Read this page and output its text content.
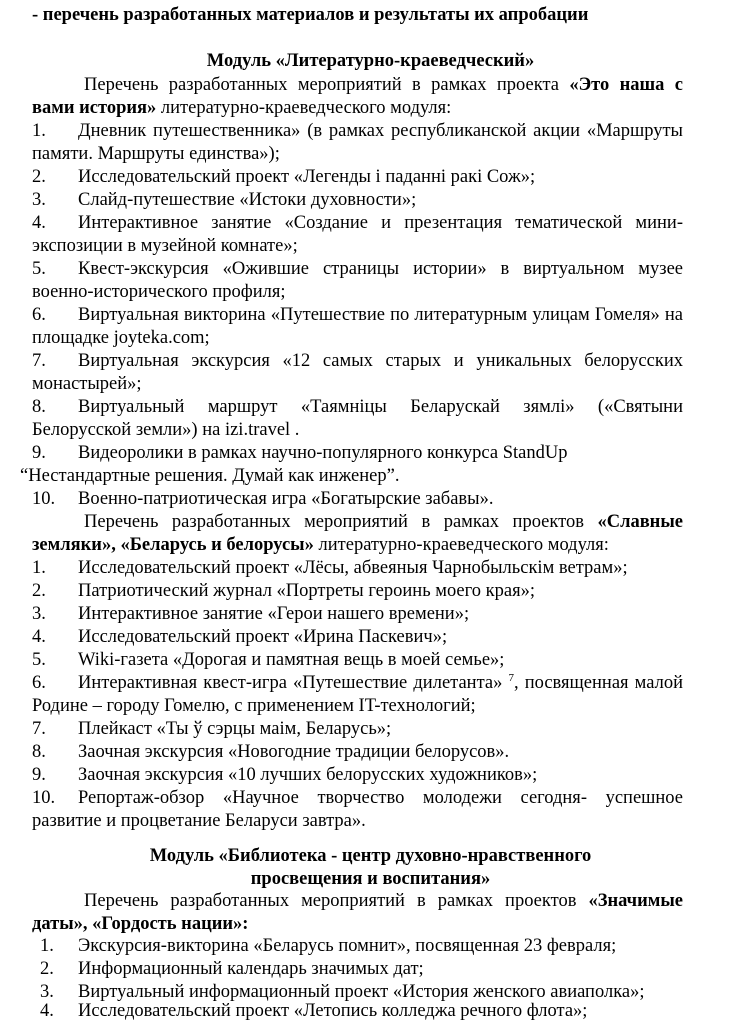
- перечень разработанных материалов и результаты их апробации
Модуль «Литературно-краеведческий»
Перечень разработанных мероприятий в рамках проекта «Это наша с вами история» литературно-краеведческого модуля:
1. Дневник путешественника» (в рамках республиканской акции «Маршруты памяти. Маршруты единства»);
2. Исследовательский проект «Легенды і паданні ракі Сож»;
3. Слайд-путешествие «Истоки духовности»;
4. Интерактивное занятие «Создание и презентация тематической мини-экспозиции в музейной комнате»;
5. Квест-экскурсия «Ожившие страницы истории» в виртуальном музее военно-исторического профиля;
6. Виртуальная викторина «Путешествие по литературным улицам Гомеля» на площадке joyteka.com;
7. Виртуальная экскурсия «12 самых старых и уникальных белорусских монастырей»;
8. Виртуальный маршрут «Таямніцы Беларускай зямлі» («Святыни Белорусской земли») на izi.travel .
9. Видеоролики в рамках научно-популярного конкурса StandUp
“Нестандартные решения. Думай как инженер”.
10. Военно-патриотическая игра «Богатырские забавы».
Перечень разработанных мероприятий в рамках проектов «Славные земляки», «Беларусь и белорусы» литературно-краеведческого модуля:
1. Исследовательский проект «Лёсы, абвеяныя Чарнобыльскім ветрам»;
2. Патриотический журнал «Портреты героинь моего края»;
3. Интерактивное занятие «Герои нашего времени»;
4. Исследовательский проект «Ирина Паскевич»;
5. Wiki-газета «Дорогая и памятная вещь в моей семье»;
6. Интерактивная квест-игра «Путешествие дилетанта» $^7$, посвященная малой Родине – городу Гомелю, с применением IT-технологий;
7. Плейкаст «Ты ў сэрцы маім, Беларусь»;
8. Заочная экскурсия «Новогодние традиции белорусов».
9. Заочная экскурсия «10 лучших белорусских художников»;
10. Репортаж-обзор «Научное творчество молодежи сегодня- успешное развитие и процветание Беларуси завтра».
Модуль «Библиотека - центр духовно-нравственного
просвещения и воспитания»
Перечень разработанных мероприятий в рамках проектов «Значимые даты», «Гордость нации»:
1. Экскурсия-викторина «Беларусь помнит», посвященная 23 февраля;
2. Информационный календарь значимых дат;
3. Виртуальный информационный проект «История женского авиаполка»;
4. Исследовательский проект «Летопись колледжа речного флота»;
